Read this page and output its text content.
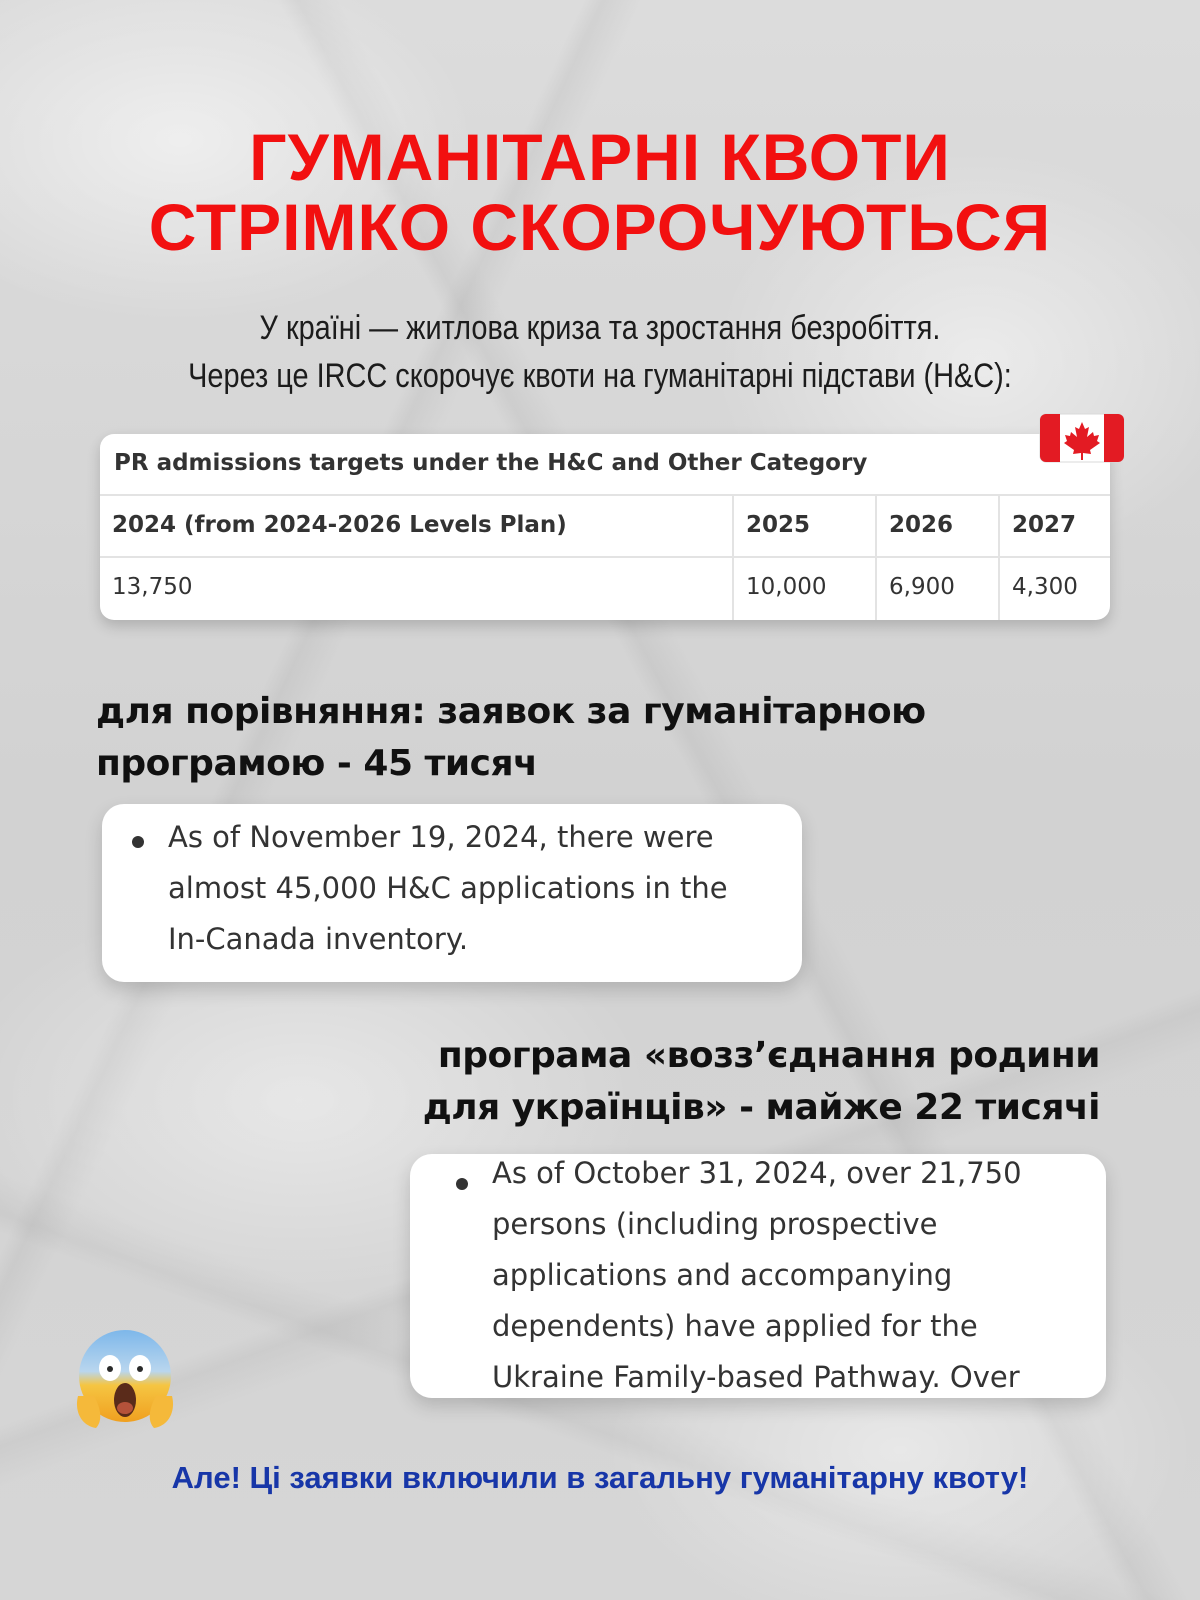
ГУМАНІТАРНІ КВОТИ
СТРІМКО СКОРОЧУЮТЬСЯ
У країні — житлова криза та зростання безробіття.
Через це IRCC скорочує квоти на гуманітарні підстави (H&C):
PR admissions targets under the H&C and Other Category
2024 (from 2024-2026 Levels Plan)	2025	2026	2027
13,750	10,000	6,900	4,300
для порівняння: заявок за гуманітарною
програмою - 45 тисяч
As of November 19, 2024, there were almost 45,000 H&C applications in the In-Canada inventory.
програма «возз’єднання родини
для українців» - майже 22 тисячі
As of October 31, 2024, over 21,750 persons (including prospective applications and accompanying dependents) have applied for the Ukraine Family-based Pathway. Over
Але! Ці заявки включили в загальну гуманітарну квоту!
